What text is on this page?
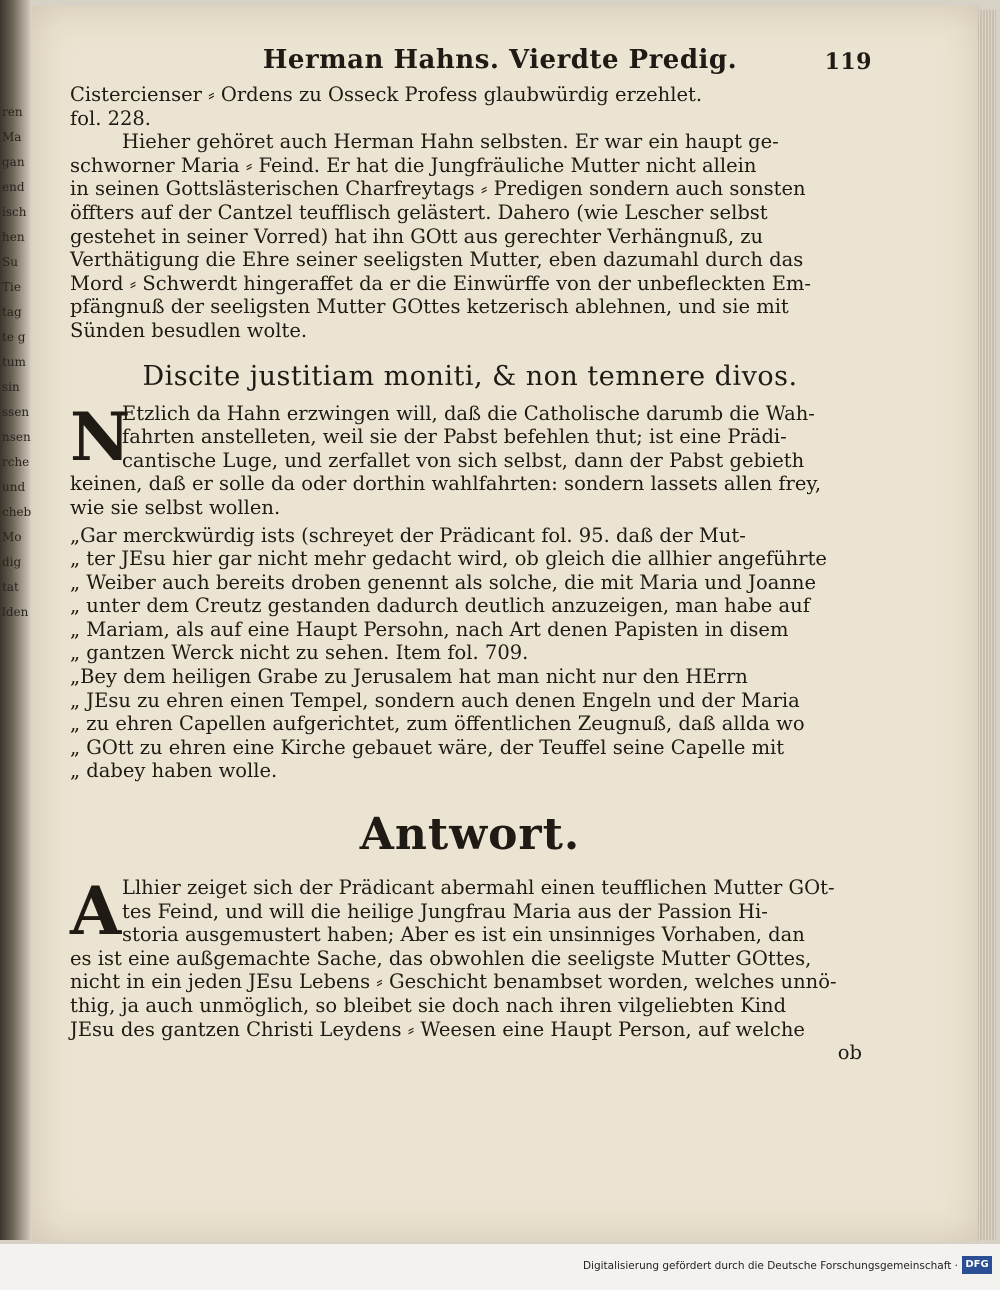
ren
Ma
gan
end
isch
hen
Su
Tie
tag
te g
tum
sin
ssen
nsen
rche
und
cheb
Mo
dig
tat
lden
Herman Hahns. Vierdte Predig.	119
Cistercienser ⸗ Ordens zu Osseck Profess glaubwürdig erzehlet.
fol. 228.
Hieher gehöret auch Herman Hahn selbsten. Er war ein haupt ge-
schworner Maria ⸗ Feind. Er hat die Jungfräuliche Mutter nicht allein
in seinen Gottslästerischen Charfreytags ⸗ Predigen sondern auch sonsten
öffters auf der Cantzel teufflisch gelästert. Dahero (wie Lescher selbst
gestehet in seiner Vorred) hat ihn GOtt aus gerechter Verhängnuß, zu
Verthätigung die Ehre seiner seeligsten Mutter, eben dazumahl durch das
Mord ⸗ Schwerdt hingeraffet da er die Einwürffe von der unbefleckten Em-
pfängnuß der seeligsten Mutter GOttes ketzerisch ablehnen, und sie mit
Sünden besudlen wolte.
Discite justitiam moniti, & non temnere divos.
N
Etzlich da Hahn erzwingen will, daß die Catholische darumb die Wah-
fahrten anstelleten, weil sie der Pabst befehlen thut; ist eine Prädi-
cantische Luge, und zerfallet von sich selbst, dann der Pabst gebieth
keinen, daß er solle da oder dorthin wahlfahrten: sondern lassets allen frey,
wie sie selbst wollen.
„Gar merckwürdig ists (schreyet der Prädicant fol. 95. daß der Mut-
„ ter JEsu hier gar nicht mehr gedacht wird, ob gleich die allhier angeführte
„ Weiber auch bereits droben genennt als solche, die mit Maria und Joanne
„ unter dem Creutz gestanden dadurch deutlich anzuzeigen, man habe auf
„ Mariam, als auf eine Haupt Persohn, nach Art denen Papisten in disem
„ gantzen Werck nicht zu sehen. Item fol. 709.
„Bey dem heiligen Grabe zu Jerusalem hat man nicht nur den HErrn
„ JEsu zu ehren einen Tempel, sondern auch denen Engeln und der Maria
„ zu ehren Capellen aufgerichtet, zum öffentlichen Zeugnuß, daß allda wo
„ GOtt zu ehren eine Kirche gebauet wäre, der Teuffel seine Capelle mit
„ dabey haben wolle.
Antwort.
A Llhier zeiget sich der Prädicant abermahl einen teufflichen Mutter GOt-
tes Feind, und will die heilige Jungfrau Maria aus der Passion Hi-
storia ausgemustert haben; Aber es ist ein unsinniges Vorhaben, dan
es ist eine außgemachte Sache, das obwohlen die seeligste Mutter GOttes,
nicht in ein jeden JEsu Lebens ⸗ Geschicht benambset worden, welches unnö-
thig, ja auch unmöglich, so bleibet sie doch nach ihren vilgeliebten Kind
JEsu des gantzen Christi Leydens ⸗ Weesen eine Haupt Person, auf welche
ob
Digitalisierung gefördert durch die Deutsche Forschungsgemeinschaft · DFG
